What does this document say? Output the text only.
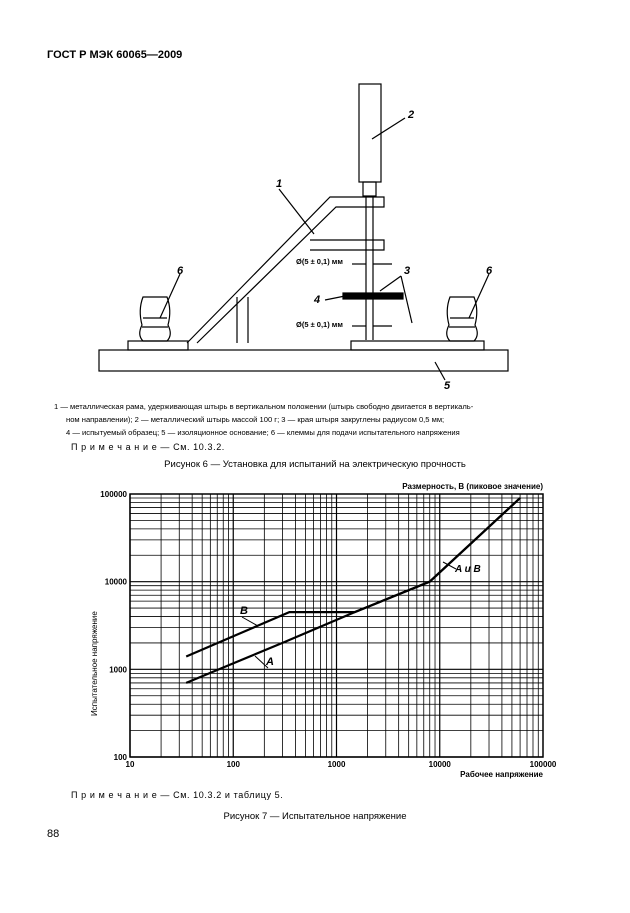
ГОСТ Р МЭК 60065—2009
1
2
3
4
5
6	6
Ø(5 ± 0,1) мм
Ø(5 ± 0,1) мм
1 — металлическая рама, удерживающая штырь в вертикальном положении (штырь свободно двигается в вертикаль-
ном направлении); 2 — металлический штырь массой 100 г; 3 — края штыря закруглены радиусом 0,5 мм;
4 — испытуемый образец; 5 — изоляционное основание; 6 — клеммы для подачи испытательного напряжения
П р и м е ч а н и е — См. 10.3.2.
Рисунок 6 — Установка для испытаний на электрическую прочность
10	100	1000	10000	100000
100
1000
10000
100000
Размерность, В (пиковое значение)
Рабочее напряжение
Испытательное напряжение
B
A
A и B
П р и м е ч а н и е — См. 10.3.2 и таблицу 5.
Рисунок 7 — Испытательное напряжение
88
